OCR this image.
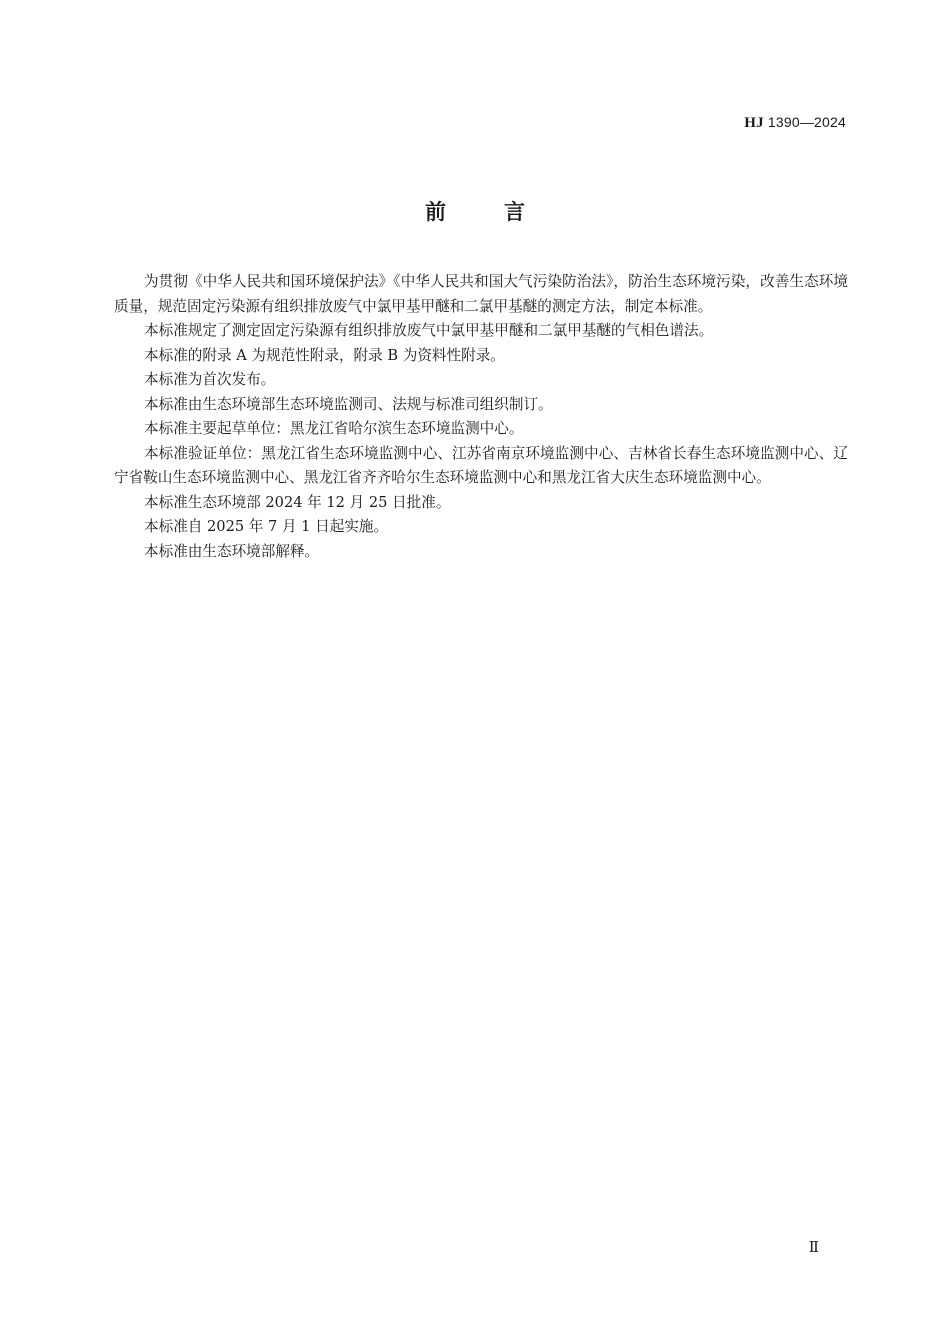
HJ 1390—2024
前言

为贯彻《中华人民共和国环境保护法》《中华人民共和国大气污染防治法》，防治生态环境污染，改善生态环境质量，规范固定污染源有组织排放废气中氯甲基甲醚和二氯甲基醚的测定方法，制定本标准。

本标准规定了测定固定污染源有组织排放废气中氯甲基甲醚和二氯甲基醚的气相色谱法。

本标准的附录 A 为规范性附录，附录 B 为资料性附录。

本标准为首次发布。

本标准由生态环境部生态环境监测司、法规与标准司组织制订。

本标准主要起草单位：黑龙江省哈尔滨生态环境监测中心。

本标准验证单位：黑龙江省生态环境监测中心、江苏省南京环境监测中心、吉林省长春生态环境监测中心、辽宁省鞍山生态环境监测中心、黑龙江省齐齐哈尔生态环境监测中心和黑龙江省大庆生态环境监测中心。

本标准生态环境部 2024 年 12 月 25 日批准。

本标准自 2025 年 7 月 1 日起实施。

本标准由生态环境部解释。

Ⅱ
